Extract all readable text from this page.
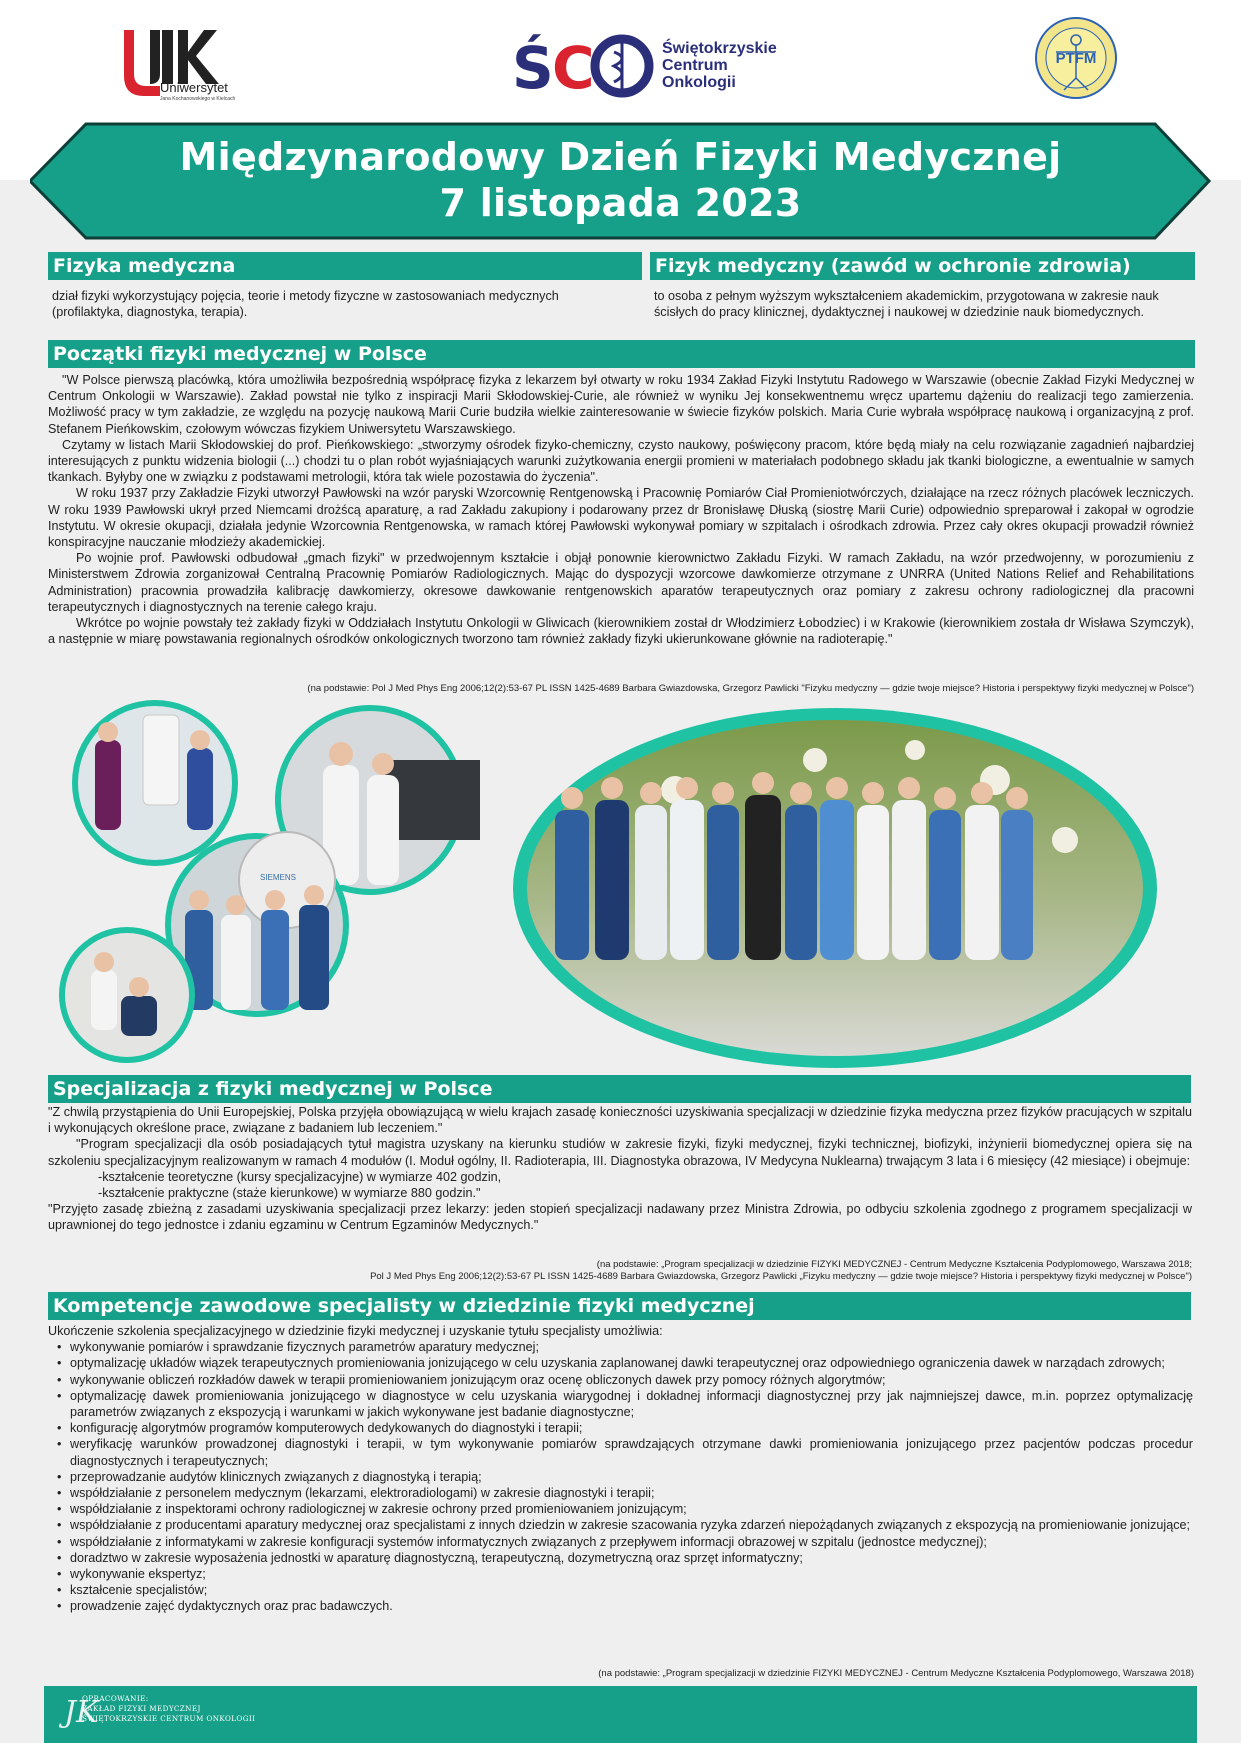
Uniwersytet
Jana Kochanowskiego w Kielcach	Ś
C	Świętokrzyskie
Centrum
Onkologii
PTFM
Międzynarodowy Dzień Fizyki Medycznej
7 listopada 2023
Fizyka medyczna
dział fizyki wykorzystujący pojęcia, teorie i metody fizyczne w zastosowaniach medycznych (profilaktyka, diagnostyka, terapia).
Fizyk medyczny (zawód w ochronie zdrowia)
to osoba z pełnym wyższym wykształceniem akademickim, przygotowana w zakresie nauk ścisłych do pracy klinicznej, dydaktycznej i naukowej w dziedzinie nauk biomedycznych.
Początki fizyki medycznej w Polsce
"W Polsce pierwszą placówką, która umożliwiła bezpośrednią współpracę fizyka z lekarzem był otwarty w roku 1934 Zakład Fizyki Instytutu Radowego w Warszawie (obecnie Zakład Fizyki Medycznej w Centrum Onkologii w Warszawie). Zakład powstał nie tylko z inspiracji Marii Skłodowskiej-Curie, ale również w wyniku Jej konsekwentnemu wręcz upartemu dążeniu do realizacji tego zamierzenia. Możliwość pracy w tym zakładzie, ze względu na pozycję naukową Marii Curie budziła wielkie zainteresowanie w świecie fizyków polskich. Maria Curie wybrała współpracę naukową i organizacyjną z prof. Stefanem Pieńkowskim, czołowym wówczas fizykiem Uniwersytetu Warszawskiego.
Czytamy w listach Marii Skłodowskiej do prof. Pieńkowskiego: „stworzymy ośrodek fizyko-chemiczny, czysto naukowy, poświęcony pracom, które będą miały na celu rozwiązanie zagadnień najbardziej interesujących z punktu widzenia biologii (...) chodzi tu o plan robót wyjaśniających warunki zużytkowania energii promieni w materiałach podobnego składu jak tkanki biologiczne, a ewentualnie w samych tkankach. Byłyby one w związku z podstawami metrologii, która tak wiele pozostawia do życzenia".
W roku 1937 przy Zakładzie Fizyki utworzył Pawłowski na wzór paryski Wzorcownię Rentgenowską i Pracownię Pomiarów Ciał Promieniotwórczych, działające na rzecz różnych placówek leczniczych. W roku 1939 Pawłowski ukrył przed Niemcami drożścą aparaturę, a rad Zakładu zakupiony i podarowany przez dr Bronisławę Dłuską (siostrę Marii Curie) odpowiednio spreparował i zakopał w ogrodzie Instytutu. W okresie okupacji, działała jedynie Wzorcownia Rentgenowska, w ramach której Pawłowski wykonywał pomiary w szpitalach i ośrodkach zdrowia. Przez cały okres okupacji prowadził również konspiracyjne nauczanie młodzieży akademickiej.
Po wojnie prof. Pawłowski odbudował „gmach fizyki" w przedwojennym kształcie i objął ponownie kierownictwo Zakładu Fizyki. W ramach Zakładu, na wzór przedwojenny, w porozumieniu z Ministerstwem Zdrowia zorganizował Centralną Pracownię Pomiarów Radiologicznych. Mając do dyspozycji wzorcowe dawkomierze otrzymane z UNRRA (United Nations Relief and Rehabilitations Administration) pracownia prowadziła kalibrację dawkomierzy, okresowe dawkowanie rentgenowskich aparatów terapeutycznych oraz pomiary z zakresu ochrony radiologicznej dla pracowni terapeutycznych i diagnostycznych na terenie całego kraju.
Wkrótce po wojnie powstały też zakłady fizyki w Oddziałach Instytutu Onkologii w Gliwicach (kierownikiem został dr Włodzimierz Łobodziec) i w Krakowie (kierownikiem została dr Wisława Szymczyk), a następnie w miarę powstawania regionalnych ośrodków onkologicznych tworzono tam również zakłady fizyki ukierunkowane głównie na radioterapię."
(na podstawie: Pol J Med Phys Eng 2006;12(2):53-67 PL ISSN 1425-4689 Barbara Gwiazdowska, Grzegorz Pawlicki "Fizyku medyczny — gdzie twoje miejsce? Historia i perspektywy fizyki medycznej w Polsce")
SIEMENS
Specjalizacja z fizyki medycznej w Polsce
"Z chwilą przystąpienia do Unii Europejskiej, Polska przyjęła obowiązującą w wielu krajach zasadę konieczności uzyskiwania specjalizacji w dziedzinie fizyka medyczna przez fizyków pracujących w szpitalu i wykonujących określone prace, związane z badaniem lub leczeniem."
"Program specjalizacji dla osób posiadających tytuł magistra uzyskany na kierunku studiów w zakresie fizyki, fizyki medycznej, fizyki technicznej, biofizyki, inżynierii biomedycznej opiera się na szkoleniu specjalizacyjnym realizowanym w ramach 4 modułów (I. Moduł ogólny, II. Radioterapia, III. Diagnostyka obrazowa, IV Medycyna Nuklearna) trwającym 3 lata i 6 miesięcy (42 miesiące) i obejmuje:
-kształcenie teoretyczne (kursy specjalizacyjne) w wymiarze 402 godzin,
-kształcenie praktyczne (staże kierunkowe) w wymiarze 880 godzin."
"Przyjęto zasadę zbieżną z zasadami uzyskiwania specjalizacji przez lekarzy: jeden stopień specjalizacji nadawany przez Ministra Zdrowia, po odbyciu szkolenia zgodnego z programem specjalizacji w uprawnionej do tego jednostce i zdaniu egzaminu w Centrum Egzaminów Medycznych."
(na podstawie: „Program specjalizacji w dziedzinie FIZYKI MEDYCZNEJ - Centrum Medyczne Kształcenia Podyplomowego, Warszawa 2018;
Pol J Med Phys Eng 2006;12(2):53-67 PL ISSN 1425-4689 Barbara Gwiazdowska, Grzegorz Pawlicki „Fizyku medyczny — gdzie twoje miejsce? Historia i perspektywy fizyki medycznej w Polsce")
Kompetencje zawodowe specjalisty w dziedzinie fizyki medycznej
Ukończenie szkolenia specjalizacyjnego w dziedzinie fizyki medycznej i uzyskanie tytułu specjalisty umożliwia:
• wykonywanie pomiarów i sprawdzanie fizycznych parametrów aparatury medycznej;
• optymalizację układów wiązek terapeutycznych promieniowania jonizującego w celu uzyskania zaplanowanej dawki terapeutycznej oraz odpowiedniego ograniczenia dawek w narządach zdrowych;
• wykonywanie obliczeń rozkładów dawek w terapii promieniowaniem jonizującym oraz ocenę obliczonych dawek przy pomocy różnych algorytmów;
• optymalizację dawek promieniowania jonizującego w diagnostyce w celu uzyskania wiarygodnej i dokładnej informacji diagnostycznej przy jak najmniejszej dawce, m.in. poprzez optymalizację parametrów związanych z ekspozycją i warunkami w jakich wykonywane jest badanie diagnostyczne;
• konfigurację algorytmów programów komputerowych dedykowanych do diagnostyki i terapii;
• weryfikację warunków prowadzonej diagnostyki i terapii, w tym wykonywanie pomiarów sprawdzających otrzymane dawki promieniowania jonizującego przez pacjentów podczas procedur diagnostycznych i terapeutycznych;
• przeprowadzanie audytów klinicznych związanych z diagnostyką i terapią;
• współdziałanie z personelem medycznym (lekarzami, elektroradiologami) w zakresie diagnostyki i terapii;
• współdziałanie z inspektorami ochrony radiologicznej w zakresie ochrony przed promieniowaniem jonizującym;
• współdziałanie z producentami aparatury medycznej oraz specjalistami z innych dziedzin w zakresie szacowania ryzyka zdarzeń niepożądanych związanych z ekspozycją na promieniowanie jonizujące;
• współdziałanie z informatykami w zakresie konfiguracji systemów informatycznych związanych z przepływem informacji obrazowej w szpitalu (jednostce medycznej);
• doradztwo w zakresie wyposażenia jednostki w aparaturę diagnostyczną, terapeutyczną, dozymetryczną oraz sprzęt informatyczny;
• wykonywanie ekspertyz;
• kształcenie specjalistów;
• prowadzenie zajęć dydaktycznych oraz prac badawczych.
(na podstawie: „Program specjalizacji w dziedzinie FIZYKI MEDYCZNEJ - Centrum Medyczne Kształcenia Podyplomowego, Warszawa 2018)
JK
OPRACOWANIE:
ZAKŁAD FIZYKI MEDYCZNEJ
ŚWIĘTOKRZYSKIE CENTRUM ONKOLOGII
